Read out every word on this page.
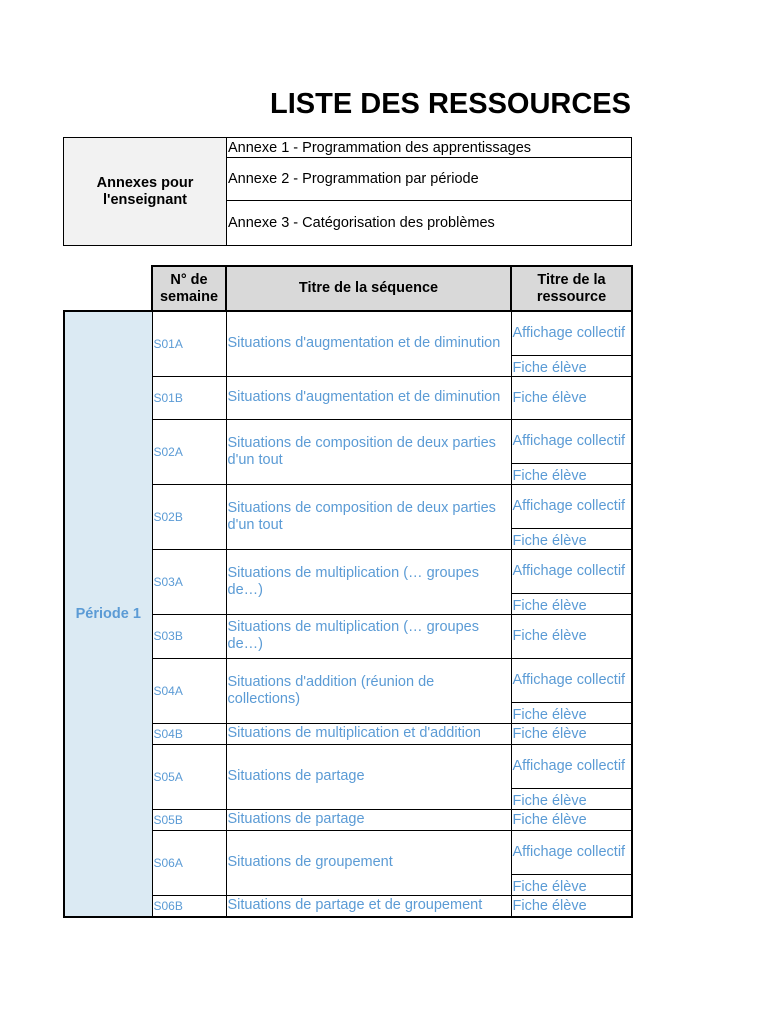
LISTE DES RESSOURCES
Annexes pour l'enseignant	Annexe 1 - Programmation des apprentissages
Annexe 2 - Programmation par période
Annexe 3 - Catégorisation des problèmes
	N° de semaine	Titre de la séquence	Titre de la ressource
Période 1	S01A	Situations d'augmentation et de diminution	Affichage collectif
			Fiche élève
	S01B	Situations d'augmentation et de diminution	Fiche élève
	S02A	Situations de composition de deux parties d'un tout	Affichage collectif
			Fiche élève
	S02B	Situations de composition de deux parties d'un tout	Affichage collectif
			Fiche élève
	S03A	Situations de multiplication (… groupes de…)	Affichage collectif
			Fiche élève
	S03B	Situations de multiplication (… groupes de…)	Fiche élève
	S04A	Situations d'addition (réunion de collections)	Affichage collectif
			Fiche élève
	S04B	Situations de multiplication et d'addition	Fiche élève
	S05A	Situations de partage	Affichage collectif
			Fiche élève
	S05B	Situations de partage	Fiche élève
	S06A	Situations de groupement	Affichage collectif
			Fiche élève
	S06B	Situations de partage et de groupement	Fiche élève
